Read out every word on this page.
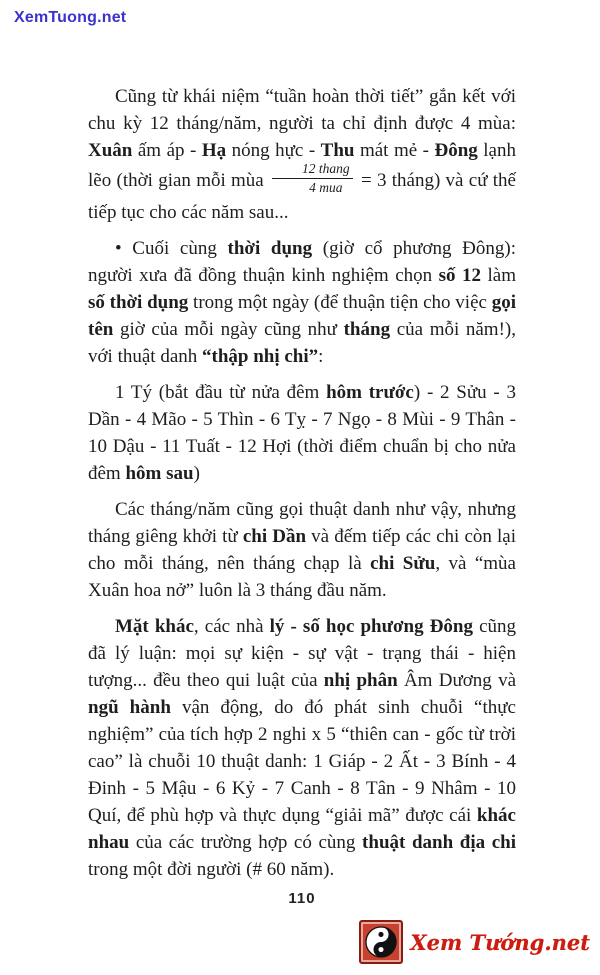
XemTuong.net

Cũng từ khái niệm “tuần hoàn thời tiết” gắn kết với chu kỳ 12 tháng/năm, người ta chỉ định được 4 mùa: Xuân ấm áp - Hạ nóng hực - Thu mát mẻ - Đông lạnh lẽo (thời gian mỗi mùa $\frac{\text{12 thang}}{\text{4 mua}} = 3$ tháng) và cứ thế tiếp tục cho các năm sau...

• Cuối cùng thời dụng (giờ cổ phương Đông): người xưa đã đồng thuận kinh nghiệm chọn số 12 làm số thời dụng trong một ngày (để thuận tiện cho việc gọi tên giờ của mỗi ngày cũng như tháng của mỗi năm!), với thuật danh “thập nhị chi”:

1 Tý (bắt đầu từ nửa đêm hôm trước) - 2 Sửu - 3 Dần - 4 Mão - 5 Thìn - 6 Tỵ - 7 Ngọ - 8 Mùi - 9 Thân - 10 Dậu - 11 Tuất - 12 Hợi (thời điểm chuẩn bị cho nửa đêm hôm sau)

Các tháng/năm cũng gọi thuật danh như vậy, nhưng tháng giêng khởi từ chi Dần và đếm tiếp các chi còn lại cho mỗi tháng, nên tháng chạp là chi Sửu, và “mùa Xuân hoa nở” luôn là 3 tháng đầu năm.

Mặt khác, các nhà lý - số học phương Đông cũng đã lý luận: mọi sự kiện - sự vật - trạng thái - hiện tượng... đều theo qui luật của nhị phân Âm Dương và ngũ hành vận động, do đó phát sinh chuỗi “thực nghiệm” của tích hợp 2 nghi x 5 “thiên can - gốc từ trời cao” là chuỗi 10 thuật danh: 1 Giáp - 2 Ất - 3 Bính - 4 Đinh - 5 Mậu - 6 Kỷ - 7 Canh - 8 Tân - 9 Nhâm - 10 Quí, để phù hợp và thực dụng “giải mã” được cái khác nhau của các trường hợp có cùng thuật danh địa chi trong một đời người (# 60 năm).

110
Xem Tướng.net
